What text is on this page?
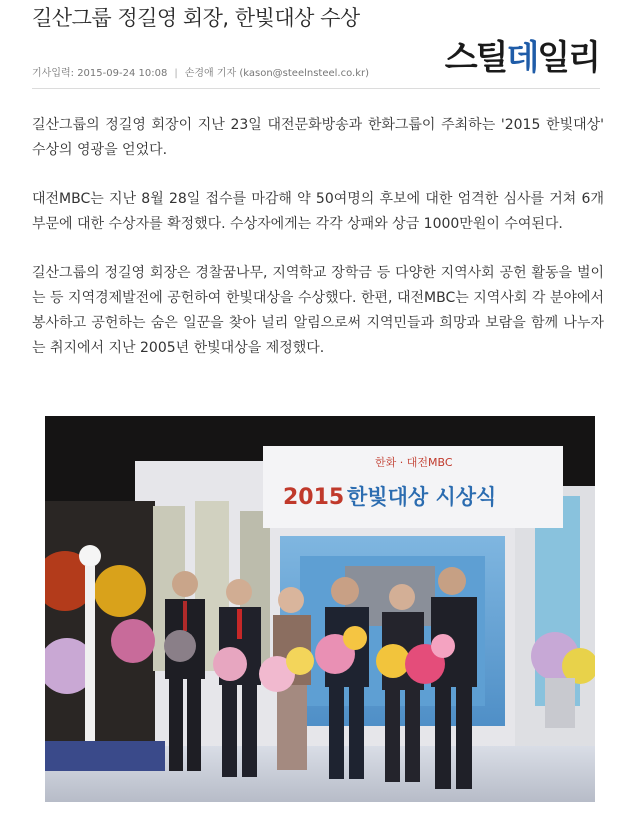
길산그룹 정길영 회장, 한빛대상 수상
스틸데일리
기사입력: 2015-09-24 10:08 | 손경애 기자 (kason@steelnsteel.co.kr)

길산그룹의 정길영 회장이 지난 23일 대전문화방송과 한화그룹이 주최하는 '2015 한빛대상' 수상의 영광을 얻었다.

대전MBC는 지난 8월 28일 접수를 마감해 약 50여명의 후보에 대한 엄격한 심사를 거쳐 6개 부문에 대한 수상자를 확정했다. 수상자에게는 각각 상패와 상금 1000만원이 수여된다.

길산그룹의 정길영 회장은 경찰꿈나무, 지역학교 장학금 등 다양한 지역사회 공헌 활동을 벌이는 등 지역경제발전에 공헌하여 한빛대상을 수상했다. 한편, 대전MBC는 지역사회 각 분야에서 봉사하고 공헌하는 숨은 일꾼을 찾아 널리 알림으로써 지역민들과 희망과 보람을 함께 나누자는 취지에서 지난 2005년 한빛대상을 제정했다.

한화 · 대전MBC
2015 한빛대상 시상식
